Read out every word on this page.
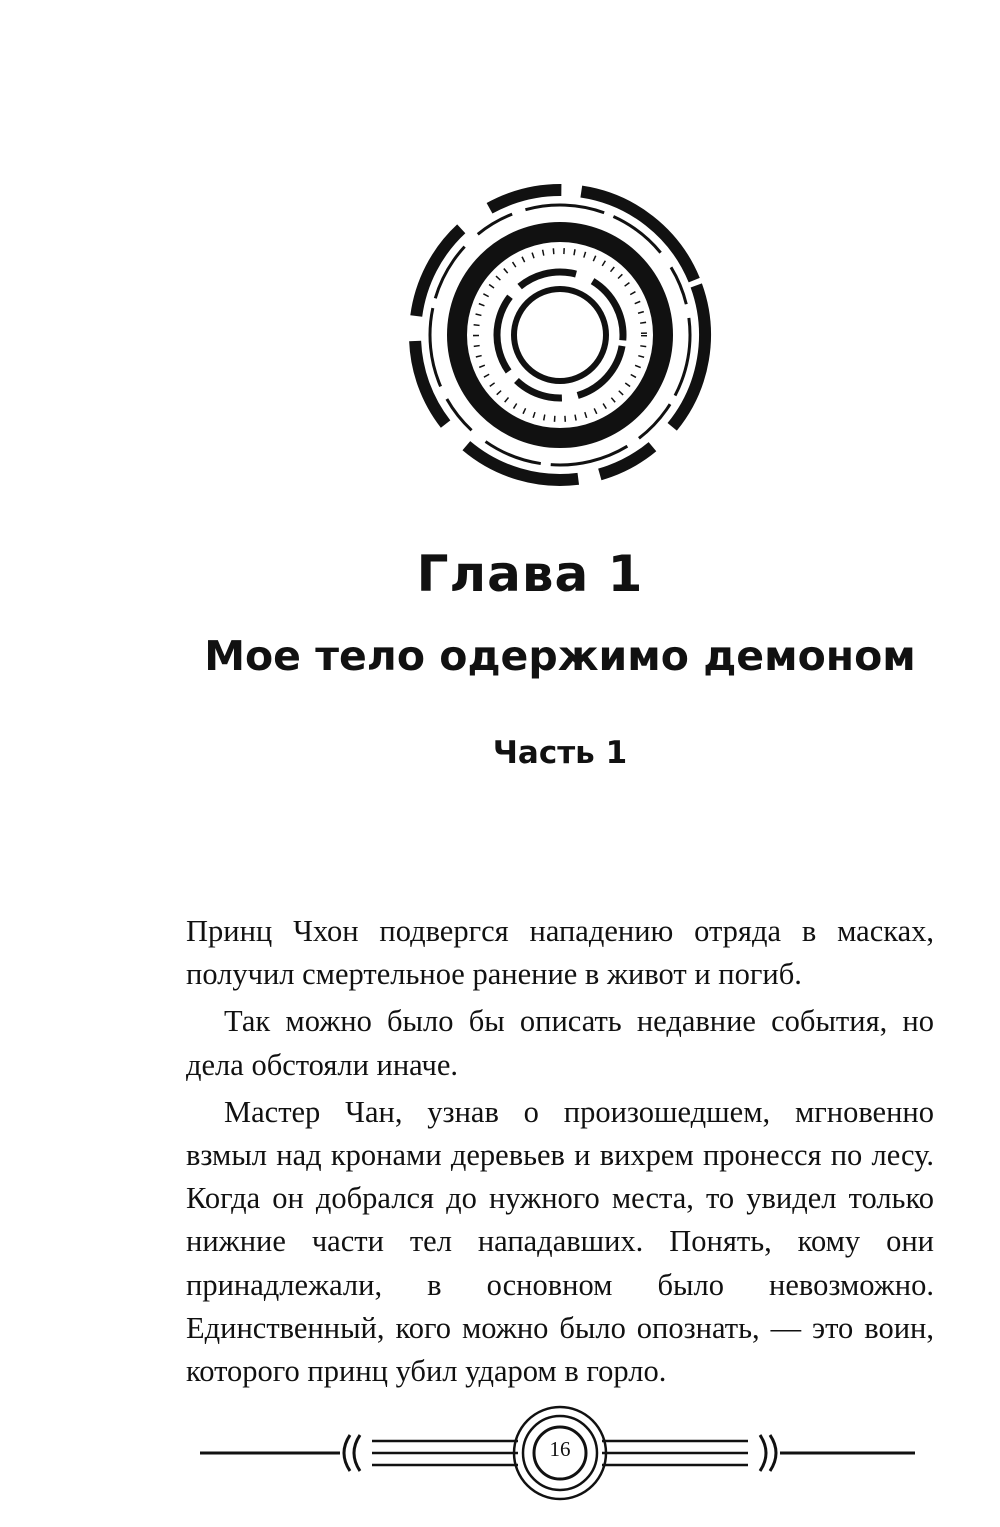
Глава 1
Мое тело одержимо демоном
Часть 1

Принц Чхон подвергся нападению отряда в масках, получил смертельное ранение в живот и погиб.

Так можно было бы описать недавние события, но дела обстояли иначе.

Мастер Чан, узнав о произошедшем, мгновенно взмыл над кронами деревьев и вихрем пронесся по лесу. Когда он добрался до нужного места, то увидел только нижние части тел нападавших. Понять, кому они принадлежали, в основном было невозможно. Единственный, кого можно было опознать, — это воин, которого принц убил ударом в горло.

16
